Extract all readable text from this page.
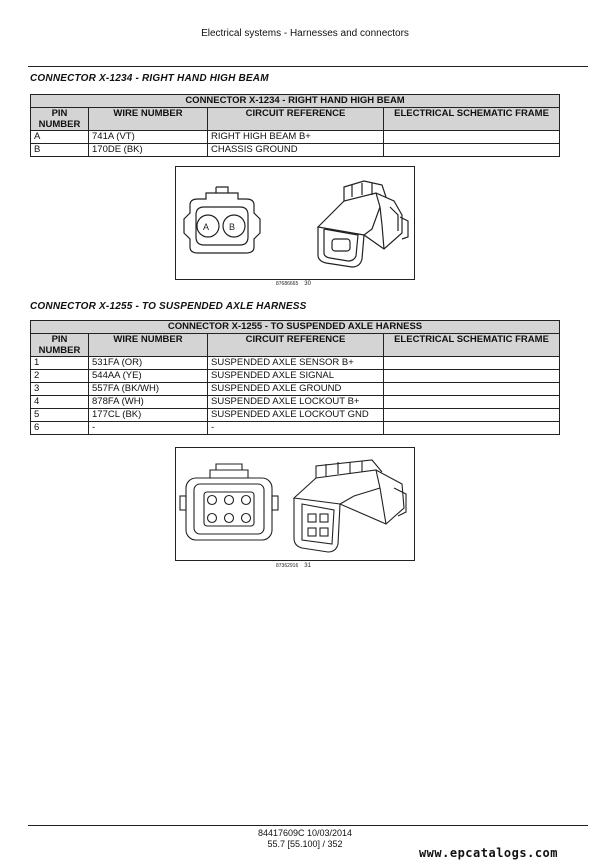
Electrical systems - Harnesses and connectors
CONNECTOR X-1234 - RIGHT HAND HIGH BEAM
CONNECTOR X-1234 - RIGHT HAND HIGH BEAM			
PIN
NUMBER	WIRE NUMBER	CIRCUIT REFERENCE	ELECTRICAL SCHEMATIC FRAME
A	741A (VT)	RIGHT HIGH BEAM B+	
B	170DE (BK)	CHASSIS GROUND	
A B
87686665 30
CONNECTOR X-1255 - TO SUSPENDED AXLE HARNESS
CONNECTOR X-1255 - TO SUSPENDED AXLE HARNESS			
PIN
NUMBER	WIRE NUMBER	CIRCUIT REFERENCE	ELECTRICAL SCHEMATIC FRAME
1	531FA (OR)	SUSPENDED AXLE SENSOR B+	
2	544AA (YE)	SUSPENDED AXLE SIGNAL	
3	557FA (BK/WH)	SUSPENDED AXLE GROUND	
4	878FA (WH)	SUSPENDED AXLE LOCKOUT B+	
5	177CL (BK)	SUSPENDED AXLE LOCKOUT GND	
6	-	-	
87362916 31
84417609C 10/03/2014
55.7 [55.100] / 352
www.epcatalogs.com
